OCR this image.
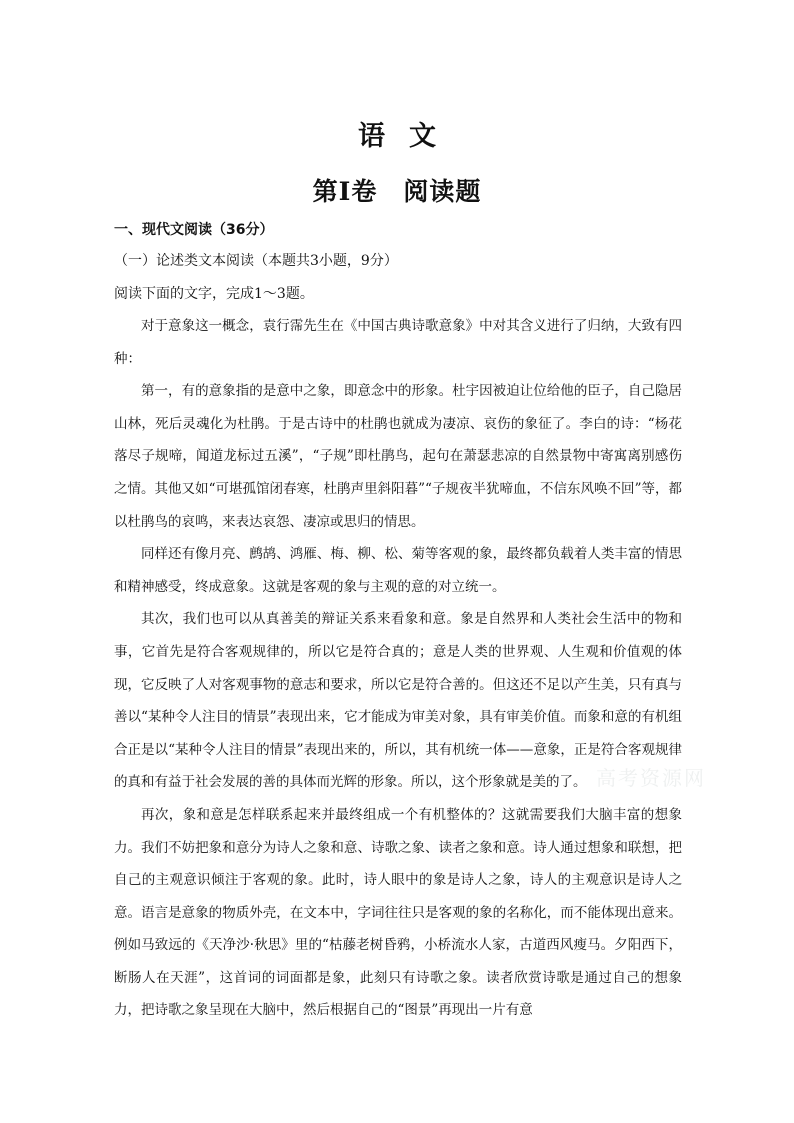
语文
第Ⅰ卷　阅读题
一、现代文阅读（36分）
（一）论述类文本阅读（本题共3小题，9分）
阅读下面的文字，完成1～3题。

对于意象这一概念，袁行霈先生在《中国古典诗歌意象》中对其含义进行了归纳，大致有四种：

第一，有的意象指的是意中之象，即意念中的形象。杜宇因被迫让位给他的臣子，自己隐居山林，死后灵魂化为杜鹃。于是古诗中的杜鹃也就成为凄凉、哀伤的象征了。李白的诗：“杨花落尽子规啼，闻道龙标过五溪”，“子规”即杜鹃鸟，起句在萧瑟悲凉的自然景物中寄寓离别感伤之情。其他又如“可堪孤馆闭春寒，杜鹃声里斜阳暮”“子规夜半犹啼血，不信东风唤不回”等，都以杜鹃鸟的哀鸣，来表达哀怨、凄凉或思归的情思。

同样还有像月亮、鹧鸪、鸿雁、梅、柳、松、菊等客观的象，最终都负载着人类丰富的情思和精神感受，终成意象。这就是客观的象与主观的意的对立统一。

其次，我们也可以从真善美的辩证关系来看象和意。象是自然界和人类社会生活中的物和事，它首先是符合客观规律的，所以它是符合真的；意是人类的世界观、人生观和价值观的体现，它反映了人对客观事物的意志和要求，所以它是符合善的。但这还不足以产生美，只有真与善以“某种令人注目的情景”表现出来，它才能成为审美对象，具有审美价值。而象和意的有机组合正是以“某种令人注目的情景”表现出来的，所以，其有机统一体——意象，正是符合客观规律的真和有益于社会发展的善的具体而光辉的形象。所以，这个形象就是美的了。

再次，象和意是怎样联系起来并最终组成一个有机整体的？这就需要我们大脑丰富的想象力。我们不妨把象和意分为诗人之象和意、诗歌之象、读者之象和意。诗人通过想象和联想，把自己的主观意识倾注于客观的象。此时，诗人眼中的象是诗人之象，诗人的主观意识是诗人之意。语言是意象的物质外壳，在文本中，字词往往只是客观的象的名称化，而不能体现出意来。例如马致远的《天净沙·秋思》里的“枯藤老树昏鸦，小桥流水人家，古道西风瘦马。夕阳西下，断肠人在天涯”，这首词的词面都是象，此刻只有诗歌之象。读者欣赏诗歌是通过自己的想象力，把诗歌之象呈现在大脑中，然后根据自己的“图景”再现出一片有意

高考资源网
